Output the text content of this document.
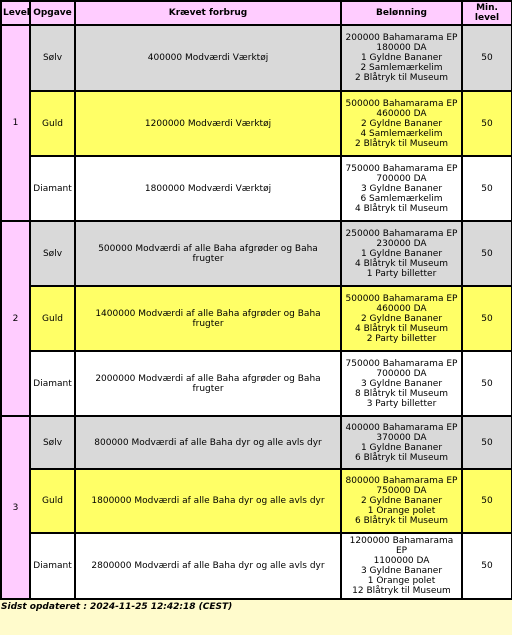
Level	Opgave	Krævet forbrug	Belønning	Min. level
1	Sølv	400000 Modværdi Værktøj	200000 Bahamarama EP
180000 DA
1 Gyldne Bananer
2 Samlemærkelim
2 Blåtryk til Museum	50
	Guld	1200000 Modværdi Værktøj	500000 Bahamarama EP
460000 DA
2 Gyldne Bananer
4 Samlemærkelim
2 Blåtryk til Museum	50
	Diamant	1800000 Modværdi Værktøj	750000 Bahamarama EP
700000 DA
3 Gyldne Bananer
6 Samlemærkelim
4 Blåtryk til Museum	50
2	Sølv	500000 Modværdi af alle Baha afgrøder og Baha frugter	250000 Bahamarama EP
230000 DA
1 Gyldne Bananer
4 Blåtryk til Museum
1 Party billetter	50
	Guld	1400000 Modværdi af alle Baha afgrøder og Baha frugter	500000 Bahamarama EP
460000 DA
2 Gyldne Bananer
4 Blåtryk til Museum
2 Party billetter	50
	Diamant	2000000 Modværdi af alle Baha afgrøder og Baha frugter	750000 Bahamarama EP
700000 DA
3 Gyldne Bananer
8 Blåtryk til Museum
3 Party billetter	50
3	Sølv	800000 Modværdi af alle Baha dyr og alle avls dyr	400000 Bahamarama EP
370000 DA
1 Gyldne Bananer
6 Blåtryk til Museum	50
	Guld	1800000 Modværdi af alle Baha dyr og alle avls dyr	800000 Bahamarama EP
750000 DA
2 Gyldne Bananer
1 Orange polet
6 Blåtryk til Museum	50
	Diamant	2800000 Modværdi af alle Baha dyr og alle avls dyr	1200000 Bahamarama EP
1100000 DA
3 Gyldne Bananer
1 Orange polet
12 Blåtryk til Museum	50
Sidst opdateret : 2024-11-25 12:42:18 (CEST)
